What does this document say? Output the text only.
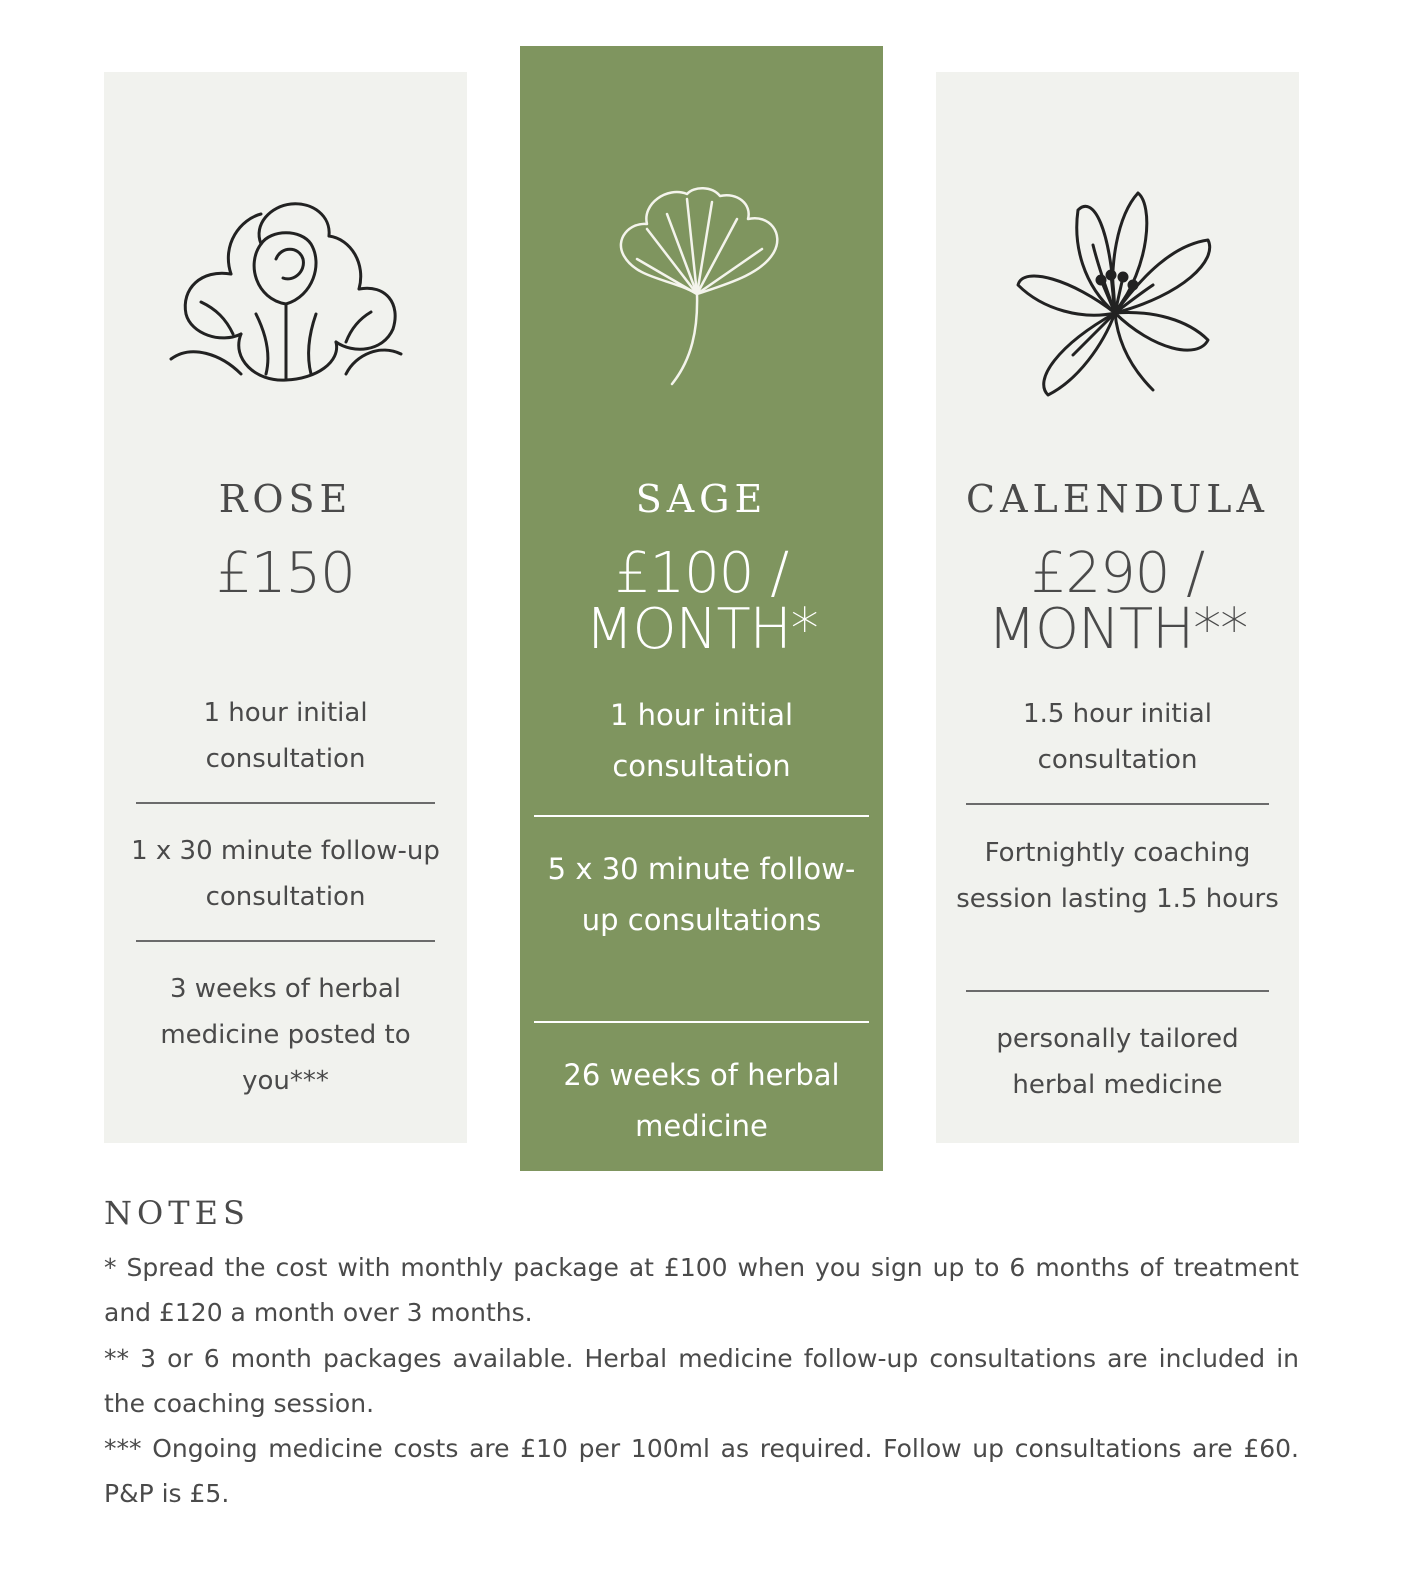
ROSE
£150
1 hour initial consultation
1 x 30 minute follow-up consultation
3 weeks of herbal medicine posted to you***
SAGE
£100 /
MONTH*
1 hour initial consultation
5 x 30 minute follow-up consultations
26 weeks of herbal medicine
CALENDULA
£290 /
MONTH**
1.5 hour initial consultation
Fortnightly coaching session lasting 1.5 hours
personally tailored herbal medicine
NOTES
* Spread the cost with monthly package at £100 when you sign up to 6 months of treatment and £120 a month over 3 months.
** 3 or 6 month packages available. Herbal medicine follow-up consultations are included in the coaching session.
*** Ongoing medicine costs are £10 per 100ml as required. Follow up consultations are £60. P&P is £5.
